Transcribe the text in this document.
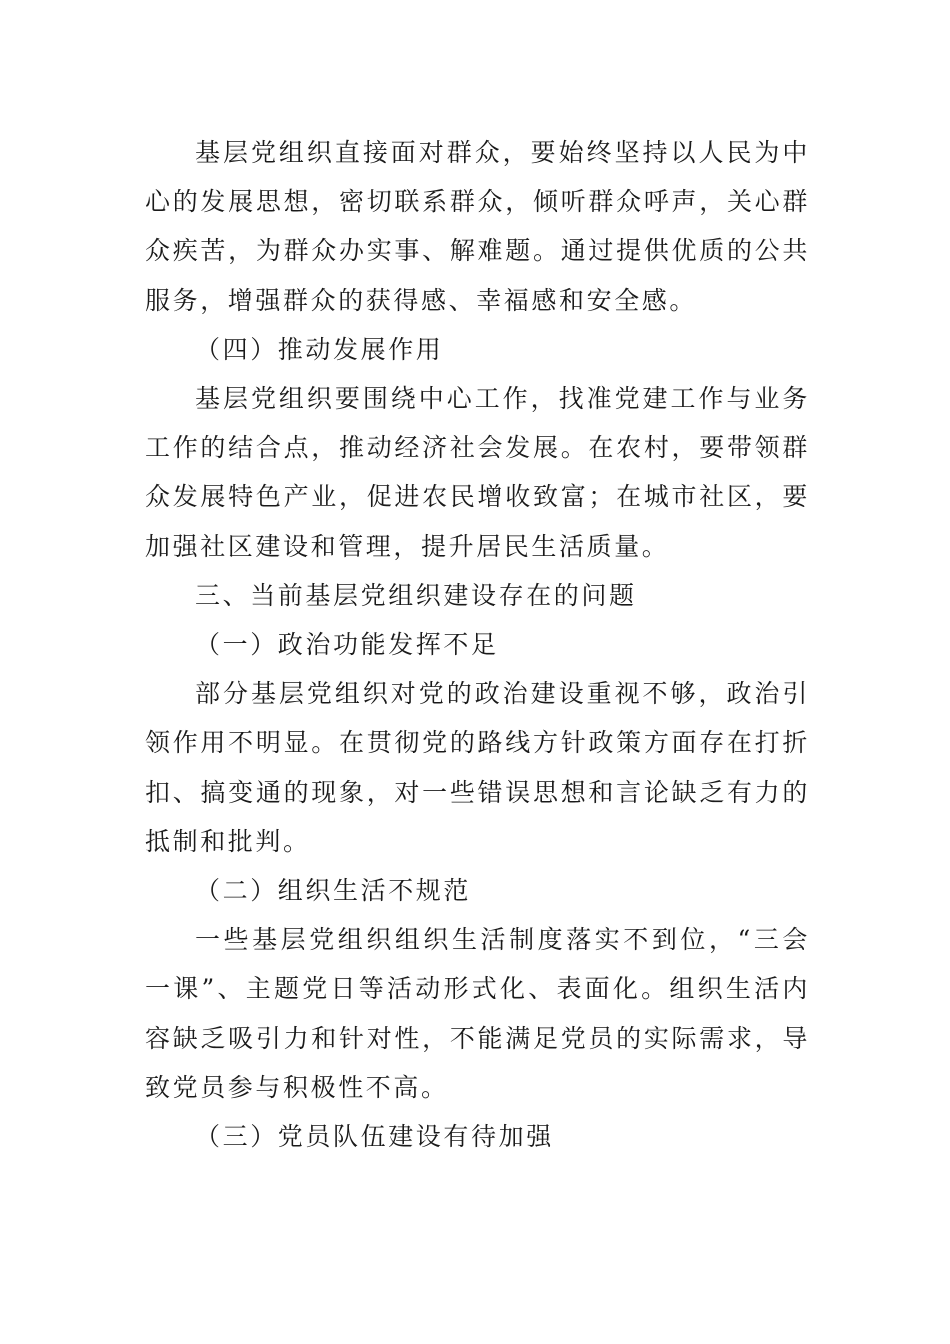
基层党组织直接面对群众，要始终坚持以人民为中心的发展思想，密切联系群众，倾听群众呼声，关心群众疾苦，为群众办实事、解难题。通过提供优质的公共服务，增强群众的获得感、幸福感和安全感。

（四）推动发展作用

基层党组织要围绕中心工作，找准党建工作与业务工作的结合点，推动经济社会发展。在农村，要带领群众发展特色产业，促进农民增收致富；在城市社区，要加强社区建设和管理，提升居民生活质量。

三、当前基层党组织建设存在的问题

（一）政治功能发挥不足

部分基层党组织对党的政治建设重视不够，政治引领作用不明显。在贯彻党的路线方针政策方面存在打折扣、搞变通的现象，对一些错误思想和言论缺乏有力的抵制和批判。

（二）组织生活不规范

一些基层党组织组织生活制度落实不到位，“三会一课”、主题党日等活动形式化、表面化。组织生活内容缺乏吸引力和针对性，不能满足党员的实际需求，导致党员参与积极性不高。

（三）党员队伍建设有待加强
